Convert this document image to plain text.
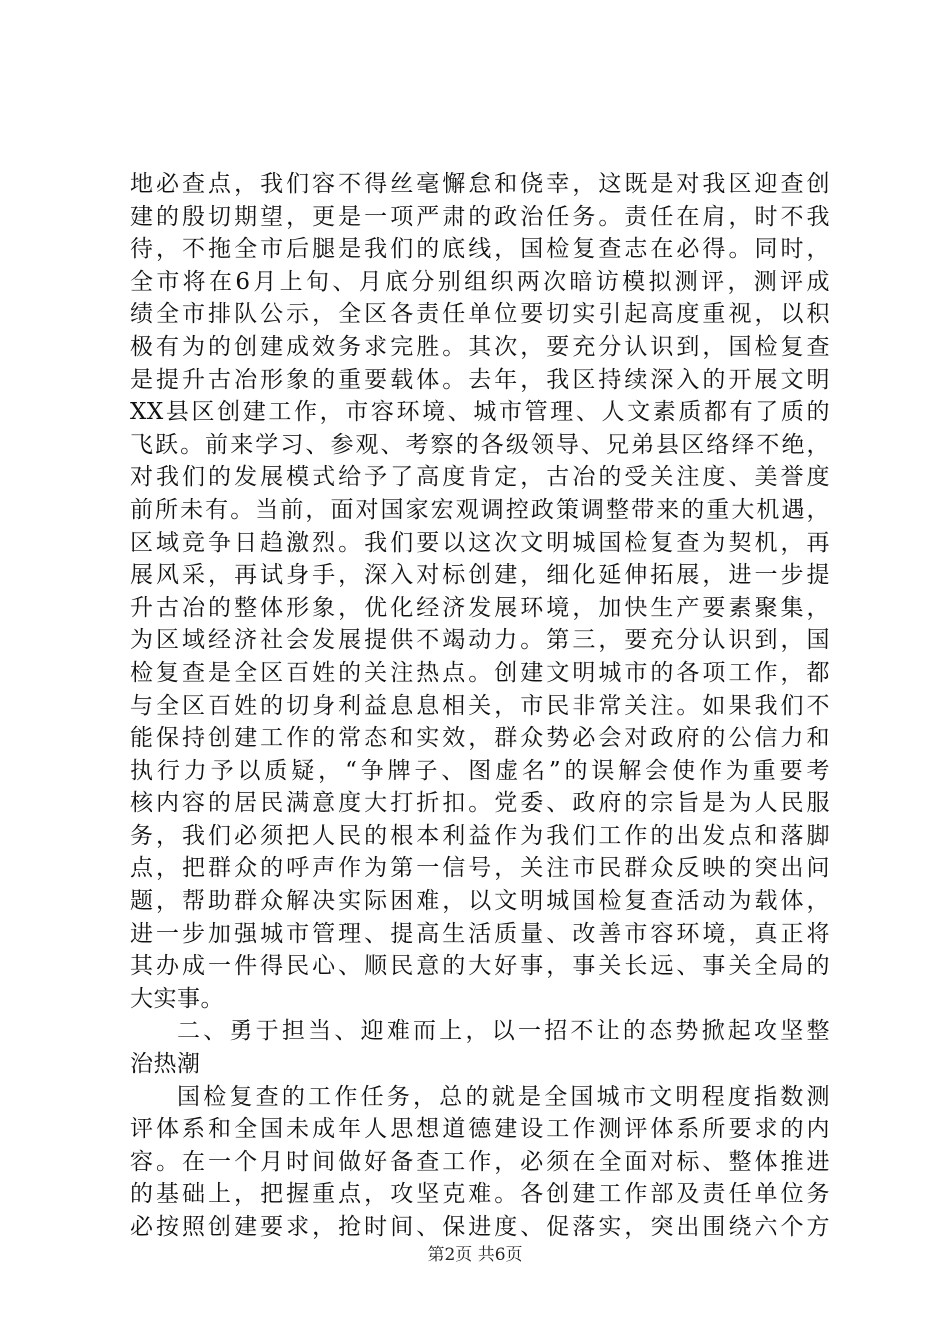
地必查点，我们容不得丝毫懈怠和侥幸，这既是对我区迎查创
建的殷切期望，更是一项严肃的政治任务。责任在肩，时不我
待，不拖全市后腿是我们的底线，国检复查志在必得。同时，
全市将在6月上旬、月底分别组织两次暗访模拟测评，测评成
绩全市排队公示，全区各责任单位要切实引起高度重视，以积
极有为的创建成效务求完胜。其次，要充分认识到，国检复查
是提升古冶形象的重要载体。去年，我区持续深入的开展文明
XX县区创建工作，市容环境、城市管理、人文素质都有了质的
飞跃。前来学习、参观、考察的各级领导、兄弟县区络绎不绝，
对我们的发展模式给予了高度肯定，古冶的受关注度、美誉度
前所未有。当前，面对国家宏观调控政策调整带来的重大机遇，
区域竞争日趋激烈。我们要以这次文明城国检复查为契机，再
展风采，再试身手，深入对标创建，细化延伸拓展，进一步提
升古冶的整体形象，优化经济发展环境，加快生产要素聚集，
为区域经济社会发展提供不竭动力。第三，要充分认识到，国
检复查是全区百姓的关注热点。创建文明城市的各项工作，都
与全区百姓的切身利益息息相关，市民非常关注。如果我们不
能保持创建工作的常态和实效，群众势必会对政府的公信力和
执行力予以质疑，“争牌子、图虚名”的误解会使作为重要考
核内容的居民满意度大打折扣。党委、政府的宗旨是为人民服
务，我们必须把人民的根本利益作为我们工作的出发点和落脚
点，把群众的呼声作为第一信号，关注市民群众反映的突出问
题，帮助群众解决实际困难，以文明城国检复查活动为载体，
进一步加强城市管理、提高生活质量、改善市容环境，真正将
其办成一件得民心、顺民意的大好事，事关长远、事关全局的
大实事。
二、勇于担当、迎难而上，以一招不让的态势掀起攻坚整
治热潮
国检复查的工作任务，总的就是全国城市文明程度指数测
评体系和全国未成年人思想道德建设工作测评体系所要求的内
容。在一个月时间做好备查工作，必须在全面对标、整体推进
的基础上，把握重点，攻坚克难。各创建工作部及责任单位务
必按照创建要求，抢时间、保进度、促落实，突出围绕六个方
第2页 共6页
